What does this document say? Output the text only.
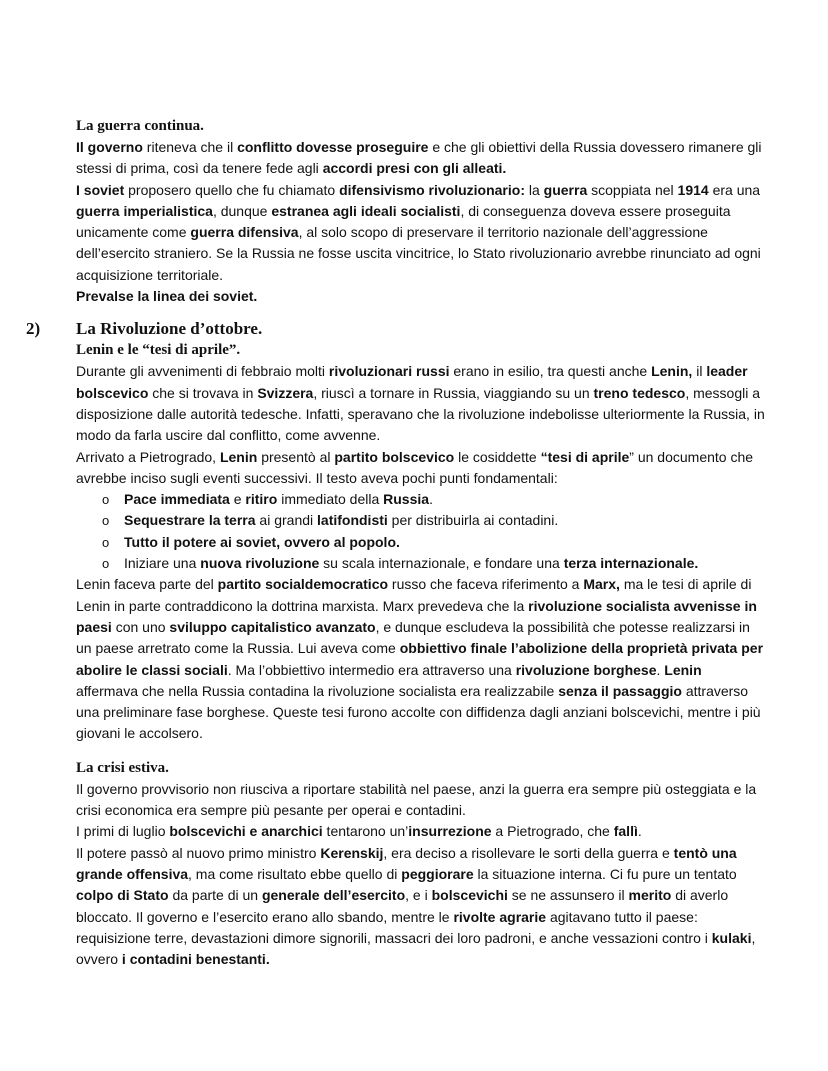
La guerra continua.

Il governo riteneva che il conflitto dovesse proseguire e che gli obiettivi della Russia dovessero rimanere gli stessi di prima, così da tenere fede agli accordi presi con gli alleati.

I soviet proposero quello che fu chiamato difensivismo rivoluzionario: la guerra scoppiata nel 1914 era una guerra imperialistica, dunque estranea agli ideali socialisti, di conseguenza doveva essere proseguita unicamente come guerra difensiva, al solo scopo di preservare il territorio nazionale dell’aggressione dell’esercito straniero. Se la Russia ne fosse uscita vincitrice, lo Stato rivoluzionario avrebbe rinunciato ad ogni acquisizione territoriale.

Prevalse la linea dei soviet.

2) La Rivoluzione d’ottobre.

Lenin e le “tesi di aprile”.

Durante gli avvenimenti di febbraio molti rivoluzionari russi erano in esilio, tra questi anche Lenin, il leader bolscevico che si trovava in Svizzera, riuscì a tornare in Russia, viaggiando su un treno tedesco, messogli a disposizione dalle autorità tedesche. Infatti, speravano che la rivoluzione indebolisse ulteriormente la Russia, in modo da farla uscire dal conflitto, come avvenne.

Arrivato a Pietrogrado, Lenin presentò al partito bolscevico le cosiddette “tesi di aprile” un documento che avrebbe inciso sugli eventi successivi. Il testo aveva pochi punti fondamentali:

o Pace immediata e ritiro immediato della Russia.
o Sequestrare la terra ai grandi latifondisti per distribuirla ai contadini.
o Tutto il potere ai soviet, ovvero al popolo.
o Iniziare una nuova rivoluzione su scala internazionale, e fondare una terza internazionale.

Lenin faceva parte del partito socialdemocratico russo che faceva riferimento a Marx, ma le tesi di aprile di Lenin in parte contraddicono la dottrina marxista. Marx prevedeva che la rivoluzione socialista avvenisse in paesi con uno sviluppo capitalistico avanzato, e dunque escludeva la possibilità che potesse realizzarsi in un paese arretrato come la Russia. Lui aveva come obbiettivo finale l’abolizione della proprietà privata per abolire le classi sociali. Ma l’obbiettivo intermedio era attraverso una rivoluzione borghese. Lenin affermava che nella Russia contadina la rivoluzione socialista era realizzabile senza il passaggio attraverso una preliminare fase borghese. Queste tesi furono accolte con diffidenza dagli anziani bolscevichi, mentre i più giovani le accolsero.

La crisi estiva.

Il governo provvisorio non riusciva a riportare stabilità nel paese, anzi la guerra era sempre più osteggiata e la crisi economica era sempre più pesante per operai e contadini.

I primi di luglio bolscevichi e anarchici tentarono un’insurrezione a Pietrogrado, che fallì.

Il potere passò al nuovo primo ministro Kerenskij, era deciso a risollevare le sorti della guerra e tentò una grande offensiva, ma come risultato ebbe quello di peggiorare la situazione interna. Ci fu pure un tentato colpo di Stato da parte di un generale dell’esercito, e i bolscevichi se ne assunsero il merito di averlo bloccato. Il governo e l’esercito erano allo sbando, mentre le rivolte agrarie agitavano tutto il paese: requisizione terre, devastazioni dimore signorili, massacri dei loro padroni, e anche vessazioni contro i kulaki, ovvero i contadini benestanti.
